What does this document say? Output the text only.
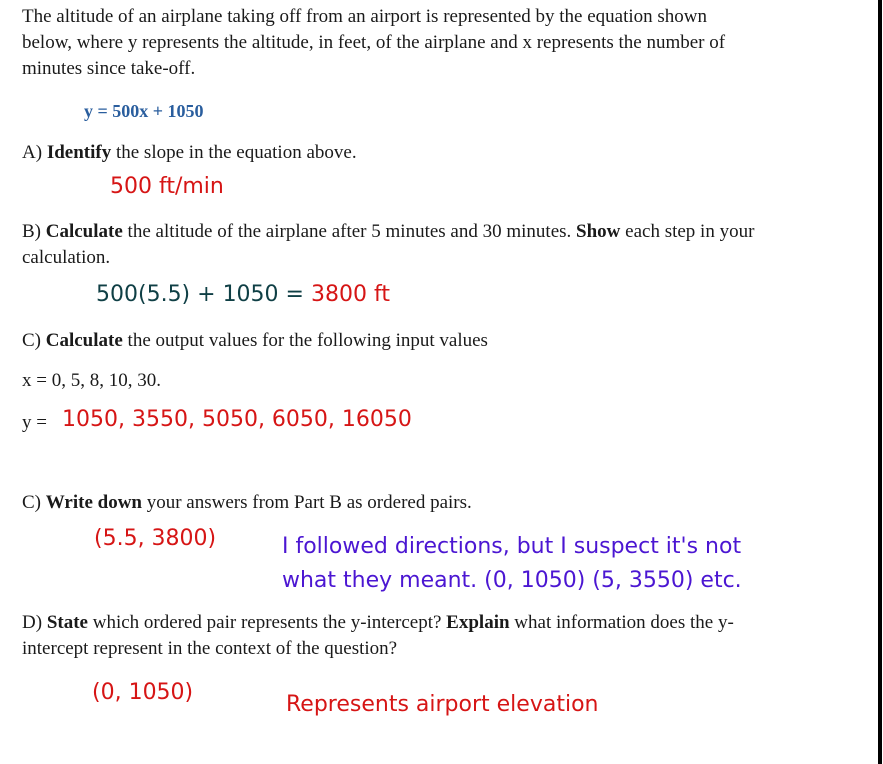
The altitude of an airplane taking off from an airport is represented by the equation shown
below, where y represents the altitude, in feet, of the airplane and x represents the number of
minutes since take-off.
y = 500x + 1050
A) Identify the slope in the equation above.
500 ft/min
B) Calculate the altitude of the airplane after 5 minutes and 30 minutes. Show each step in your
calculation.
500(5.5) + 1050 = 3800 ft
C) Calculate the output values for the following input values
x = 0, 5, 8, 10, 30.
y = 1050, 3550, 5050, 6050, 16050
C) Write down your answers from Part B as ordered pairs.
(5.5, 3800)	I followed directions, but I suspect it's not
what they meant. (0, 1050) (5, 3550) etc.
D) State which ordered pair represents the y-intercept? Explain what information does the y-
intercept represent in the context of the question?
(0, 1050)	Represents airport elevation
